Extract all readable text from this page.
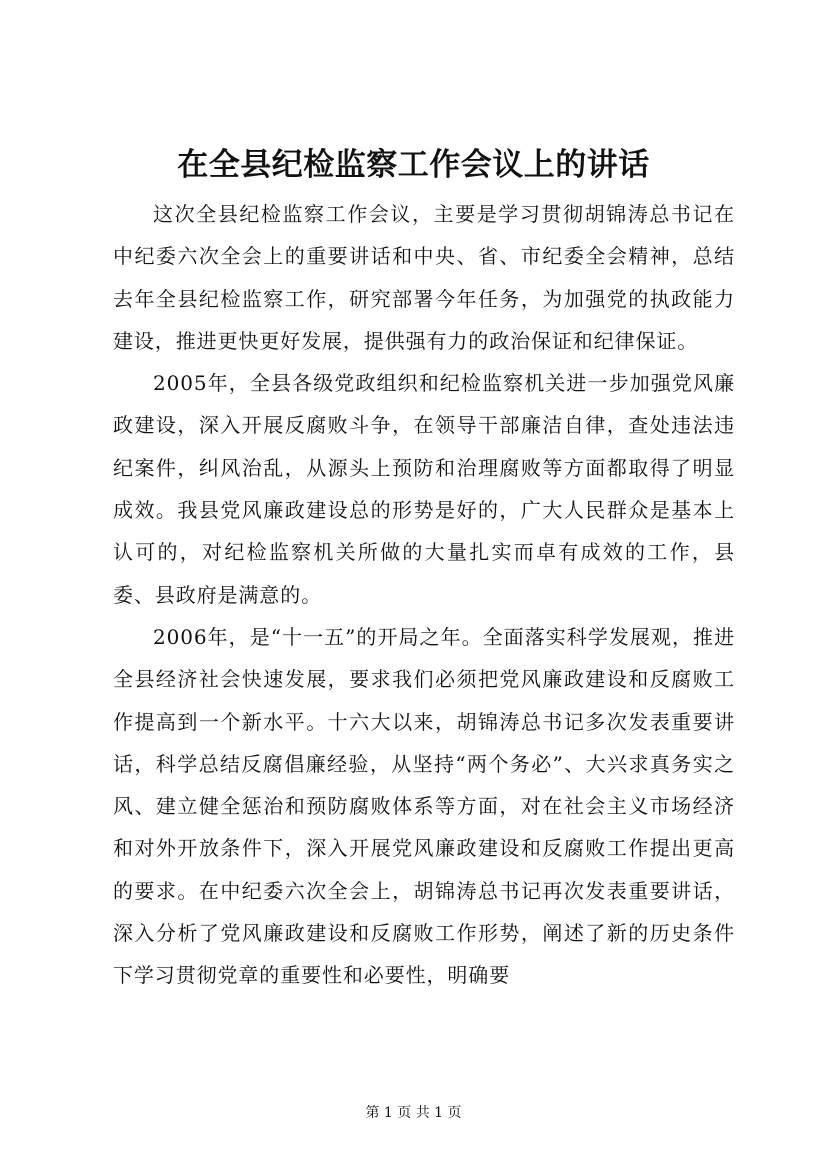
在全县纪检监察工作会议上的讲话

这次全县纪检监察工作会议，主要是学习贯彻胡锦涛总书记在中纪委六次全会上的重要讲话和中央、省、市纪委全会精神，总结去年全县纪检监察工作，研究部署今年任务，为加强党的执政能力建设，推进更快更好发展，提供强有力的政治保证和纪律保证。

2005年，全县各级党政组织和纪检监察机关进一步加强党风廉政建设，深入开展反腐败斗争，在领导干部廉洁自律，查处违法违纪案件，纠风治乱，从源头上预防和治理腐败等方面都取得了明显成效。我县党风廉政建设总的形势是好的，广大人民群众是基本上认可的，对纪检监察机关所做的大量扎实而卓有成效的工作，县委、县政府是满意的。

2006年，是“十一五”的开局之年。全面落实科学发展观，推进全县经济社会快速发展，要求我们必须把党风廉政建设和反腐败工作提高到一个新水平。十六大以来，胡锦涛总书记多次发表重要讲话，科学总结反腐倡廉经验，从坚持“两个务必”、大兴求真务实之风、建立健全惩治和预防腐败体系等方面，对在社会主义市场经济和对外开放条件下，深入开展党风廉政建设和反腐败工作提出更高的要求。在中纪委六次全会上，胡锦涛总书记再次发表重要讲话，深入分析了党风廉政建设和反腐败工作形势，阐述了新的历史条件下学习贯彻党章的重要性和必要性，明确要

第 1 页 共 1 页
